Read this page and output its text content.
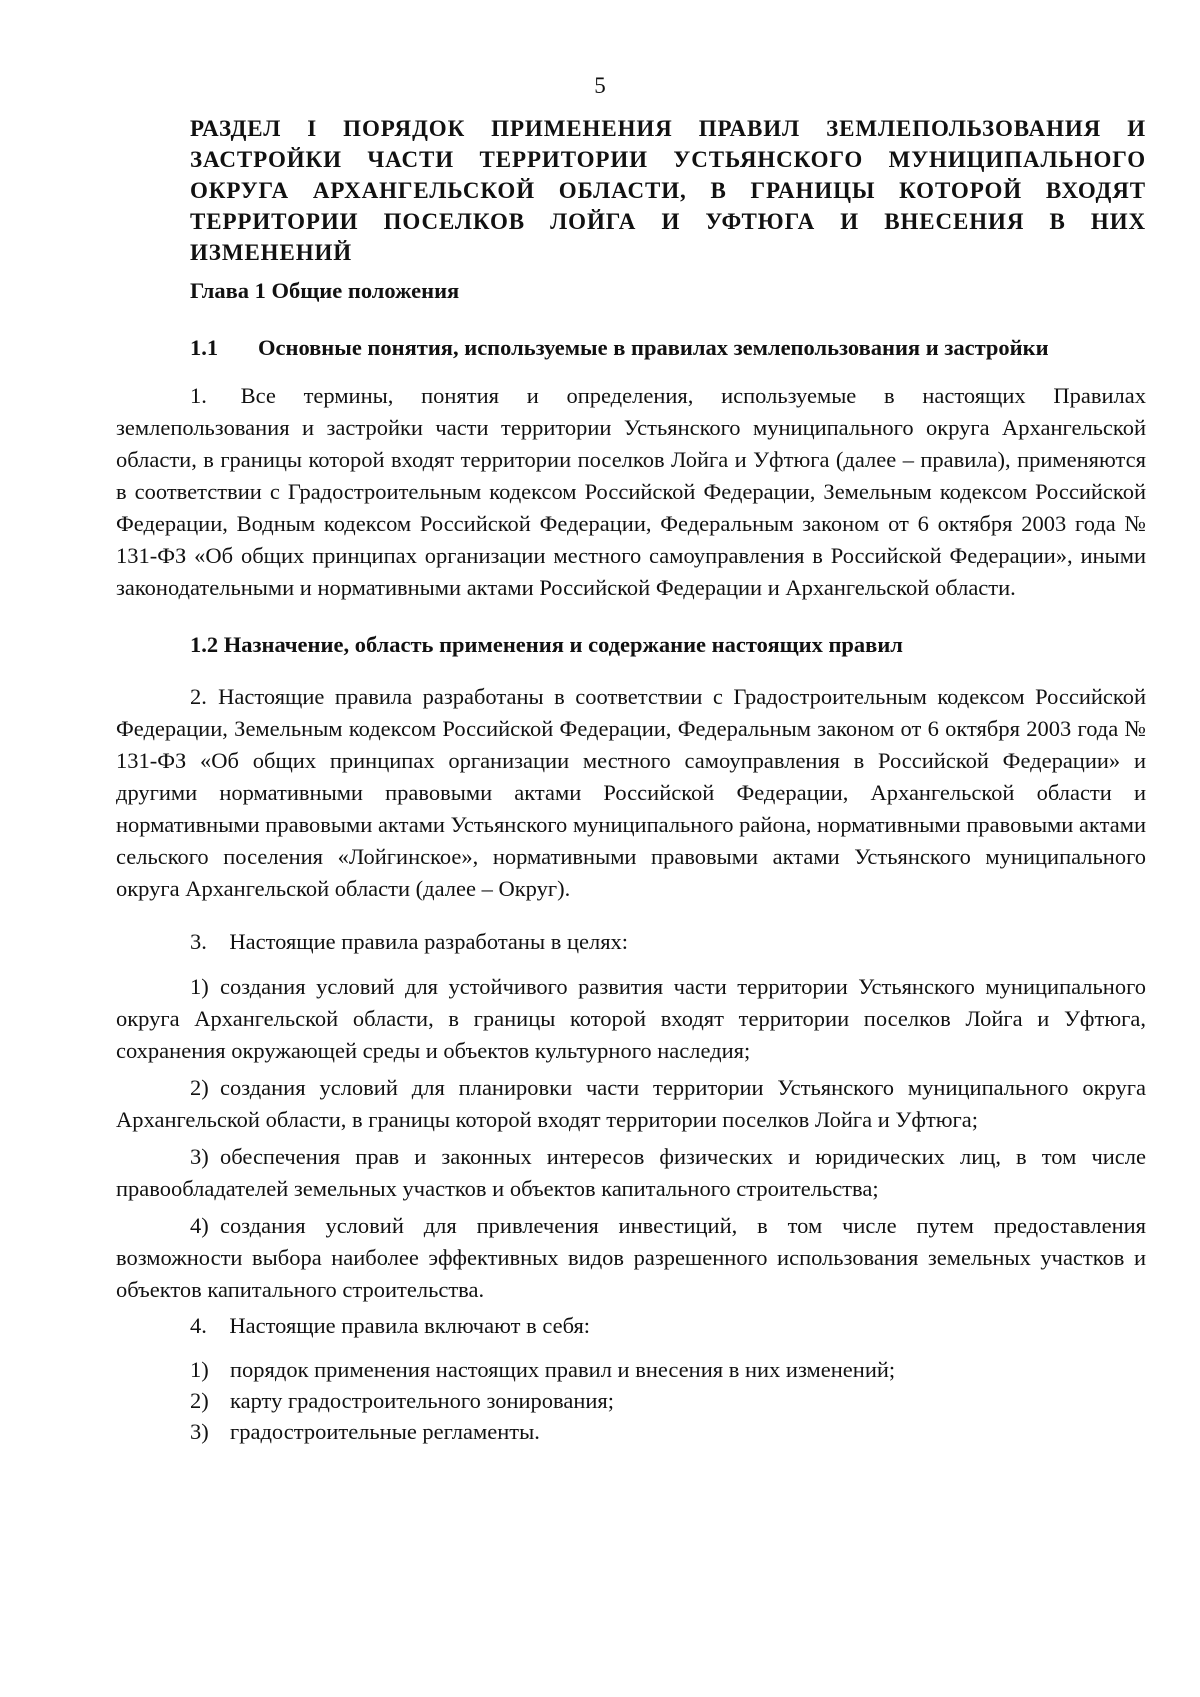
5
РАЗДЕЛ I ПОРЯДОК ПРИМЕНЕНИЯ ПРАВИЛ ЗЕМЛЕПОЛЬЗОВАНИЯ И ЗАСТРОЙКИ ЧАСТИ ТЕРРИТОРИИ УСТЬЯНСКОГО МУНИЦИПАЛЬНОГО ОКРУГА АРХАНГЕЛЬСКОЙ ОБЛАСТИ, В ГРАНИЦЫ КОТОРОЙ ВХОДЯТ ТЕРРИТОРИИ ПОСЕЛКОВ ЛОЙГА И УФТЮГА И ВНЕСЕНИЯ В НИХ ИЗМЕНЕНИЙ
Глава 1 Общие положения
1.1 Основные понятия, используемые в правилах землепользования и застройки
1.  Все термины, понятия и определения, используемые в настоящих Правилах землепользования и застройки части территории Устьянского муниципального округа Архангельской области, в границы которой входят территории поселков Лойга и Уфтюга (далее – правила), применяются в соответствии с Градостроительным кодексом Российской Федерации, Земельным кодексом Российской Федерации, Водным кодексом Российской Федерации, Федеральным законом от 6 октября 2003 года № 131-ФЗ «Об общих принципах организации местного самоуправления в Российской Федерации», иными законодательными и нормативными актами Российской Федерации и Архангельской области.
1.2 Назначение, область применения и содержание настоящих правил
2. Настоящие правила разработаны в соответствии с Градостроительным кодексом Российской Федерации, Земельным кодексом Российской Федерации, Федеральным законом от 6 октября 2003 года № 131-ФЗ «Об общих принципах организации местного самоуправления в Российской Федерации» и другими нормативными правовыми актами Российской Федерации, Архангельской области и нормативными правовыми актами Устьянского муниципального района, нормативными правовыми актами сельского поселения «Лойгинское», нормативными правовыми актами Устьянского муниципального округа Архангельской области (далее – Округ).
3.  Настоящие правила разработаны в целях:
1) создания условий для устойчивого развития части территории Устьянского муниципального округа Архангельской области, в границы которой входят территории поселков Лойга и Уфтюга, сохранения окружающей среды и объектов культурного наследия;
2) создания условий для планировки части территории Устьянского муниципального округа Архангельской области, в границы которой входят территории поселков Лойга и Уфтюга;
3) обеспечения прав и законных интересов физических и юридических лиц, в том числе правообладателей земельных участков и объектов капитального строительства;
4) создания условий для привлечения инвестиций, в том числе путем предоставления возможности выбора наиболее эффективных видов разрешенного использования земельных участков и объектов капитального строительства.
4.  Настоящие правила включают в себя:
1) порядок применения настоящих правил и внесения в них изменений;
2) карту градостроительного зонирования;
3) градостроительные регламенты.
